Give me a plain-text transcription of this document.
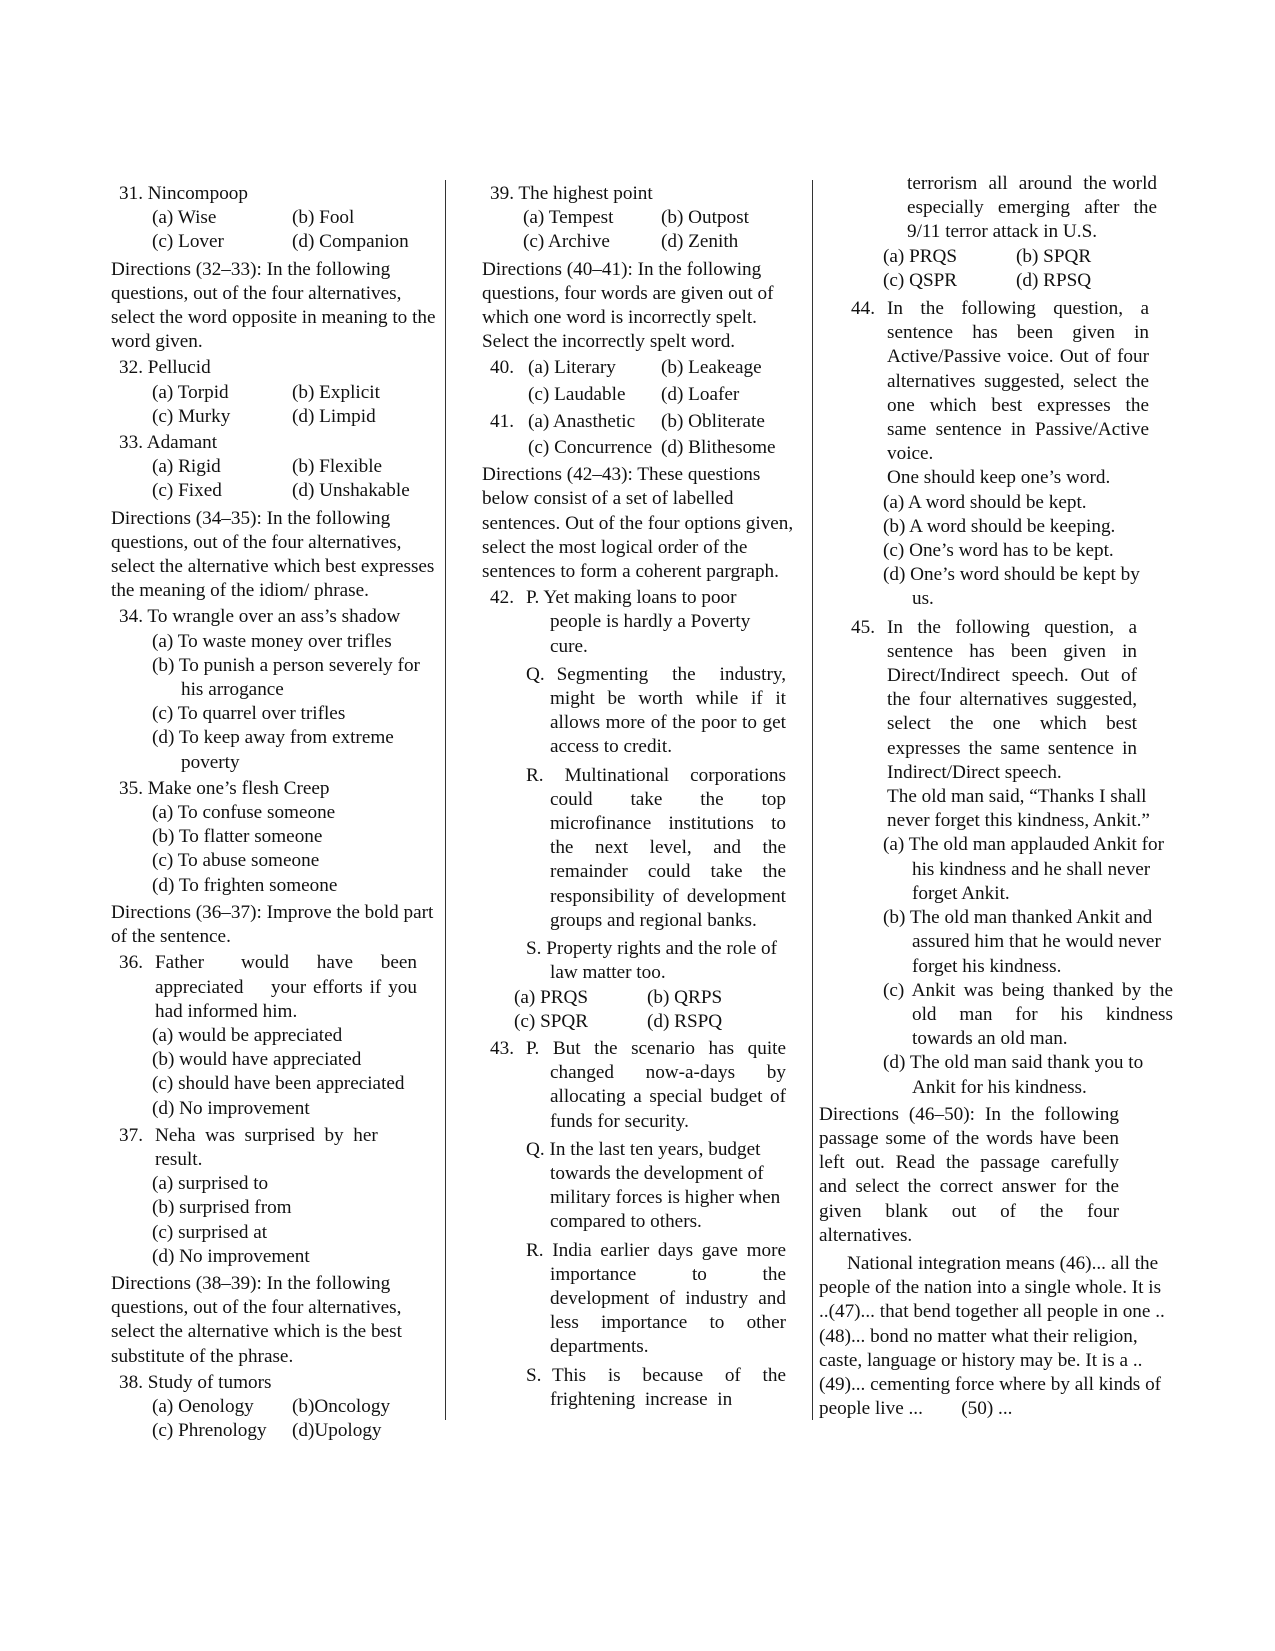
31. Nincompoop
(a) Wise	(b) Fool
(c) Lover	(d) Companion
Directions (32–33): In the following questions, out of the four alternatives, select the word opposite in meaning to the word given.
32. Pellucid
(a) Torpid	(b) Explicit
(c) Murky	(d) Limpid
33. Adamant
(a) Rigid	(b) Flexible
(c) Fixed	(d) Unshakable
Directions (34–35): In the following questions, out of the four alternatives, select the alternative which best expresses the meaning of the idiom/ phrase.
34. To wrangle over an ass’s shadow
(a) To waste money over trifles
(b) To punish a person severely for his arrogance
(c) To quarrel over trifles
(d) To keep away from extreme poverty
35. Make one’s flesh Creep
(a) To confuse someone
(b) To flatter someone
(c) To abuse someone
(d) To frighten someone
Directions (36–37): Improve the bold part of the sentence.
36. Father    would   have   been appreciated    your efforts if you had informed him.
(a) would be appreciated
(b) would have appreciated
(c) should have been appreciated
(d) No improvement
37. Neha  was  surprised  by  her result.
(a) surprised to
(b) surprised from
(c) surprised at
(d) No improvement
Directions (38–39): In the following questions, out of the four alternatives, select the alternative which is the best substitute of the phrase.
38. Study of tumors
(a) Oenology	(b)Oncology
(c) Phrenology	(d)Upology
39. The highest point
(a) Tempest	(b) Outpost
(c) Archive	(d) Zenith
Directions (40–41): In the following questions, four words are given out of which one word is incorrectly spelt. Select the incorrectly spelt word.
40. (a) Literary	(b) Leakeage
(c) Laudable	(d) Loafer
41. (a) Anasthetic	(b) Obliterate
(c) Concurrence (d) Blithesome
Directions (42–43): These questions below consist of a set of labelled sentences. Out of the four options given, select the most logical order of the sentences to form a coherent pargraph.
42. P. Yet making loans to poor people is hardly a Poverty cure.
Q. Segmenting  the  industry, might be worth while if it allows more of the poor to get access to credit.
R. Multinational corporations could   take   the   top microfinance institutions to the  next  level,  and  the remainder could take the responsibility of development groups and regional banks.
S. Property rights and the role of law matter too.
(a) PRQS	(b) QRPS
(c) SPQR	(d) RSPQ
43. P. But the scenario has quite changed  now-a-days  by allocating a special budget of funds for security.
Q. In the last ten years, budget towards the development of military forces is higher when compared to others.
R. India earlier days gave more importance   to   the development of industry and less importance to other departments.
S. This  is  because  of  the frightening  increase  in
terrorism  all  around  the world especially emerging after the 9/11 terror attack in U.S.
(a) PRQS	(b) SPQR
(c) QSPR	(d) RPSQ
44. In the following question, a sentence  has  been  given  in Active/Passive voice. Out of four alternatives suggested, select the one which best expresses the same sentence in Passive/Active voice.
One should keep one’s word.
(a) A word should be kept.
(b) A word should be keeping.
(c) One’s word has to be kept.
(d) One’s word should be kept by us.
45. In the following question, a sentence  has  been  given  in Direct/Indirect speech. Out of the four alternatives suggested, select  the  one  which  best expresses the same sentence in Indirect/Direct speech.
The old man said, “Thanks I shall never forget this kindness, Ankit.”
(a) The old man applauded Ankit for his kindness and he shall never forget Ankit.
(b) The old man thanked Ankit and assured him that he would never forget his kindness.
(c) Ankit was being thanked by the old  man  for  his  kindness towards an old man.
(d) The old man said thank you to Ankit for his kindness.
Directions (46–50): In the following passage some of the words have been left out. Read the passage carefully and select the correct answer for the given  blank  out  of  the  four alternatives.
National integration means (46)... all the people of the nation into a single whole. It is ..(47)... that bend together all people in one ..(48)... bond no matter what their religion, caste, language or history may be. It is a ..(49)... cementing force where by all kinds of people live ...        (50) ...
